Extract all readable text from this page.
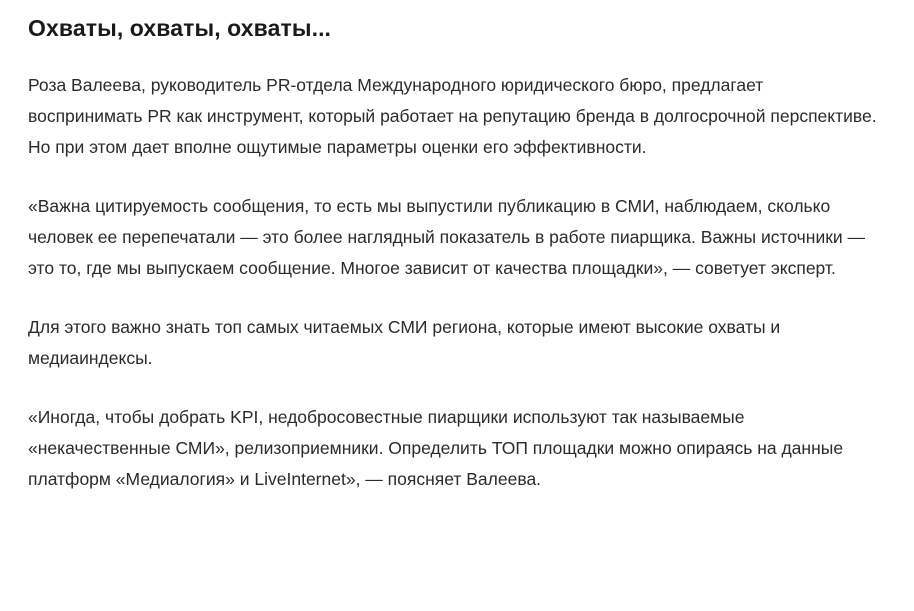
Охваты, охваты, охваты...

Роза Валеева, руководитель PR-отдела Международного юридического бюро, предлагает воспринимать PR как инструмент, который работает на репутацию бренда в долгосрочной перспективе. Но при этом дает вполне ощутимые параметры оценки его эффективности.

«Важна цитируемость сообщения, то есть мы выпустили публикацию в СМИ, наблюдаем, сколько человек ее перепечатали — это более наглядный показатель в работе пиарщика. Важны источники — это то, где мы выпускаем сообщение. Многое зависит от качества площадки», — советует эксперт.

Для этого важно знать топ самых читаемых СМИ региона, которые имеют высокие охваты и медиаиндексы.

«Иногда, чтобы добрать KPI, недобросовестные пиарщики используют так называемые «некачественные СМИ», релизоприемники. Определить ТОП площадки можно опираясь на данные платформ «Медиалогия» и LiveInternet», — поясняет Валеева.
